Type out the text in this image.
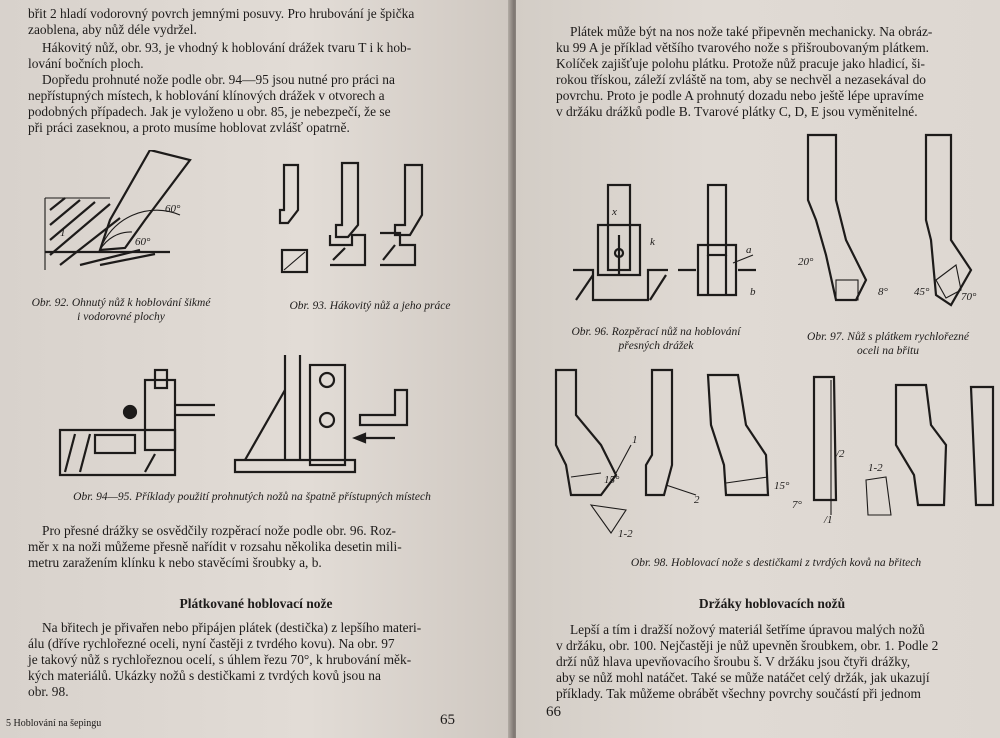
břit 2 hladí vodorovný povrch jemnými posuvy. Pro hrubování je špička
zaoblena, aby nůž déle vydržel.
Hákovitý nůž, obr. 93, je vhodný k hoblování drážek tvaru T i k hob-
lování bočních ploch.
Dopředu prohnuté nože podle obr. 94—95 jsou nutné pro práci na
nepřístupných místech, k hoblování klínových drážek v otvorech a
podobných případech. Jak je vyloženo u obr. 85, je nebezpečí, že se
při práci zaseknou, a proto musíme hoblovat zvlášť opatrně.
60°
60°
1
Obr. 92. Ohnutý nůž k hoblování šikmé
i vodorovné plochy
Obr. 93. Hákovitý nůž a jeho práce
Obr. 94—95. Příklady použití prohnutých nožů na špatně přístupných místech
Pro přesné drážky se osvědčily rozpěrací nože podle obr. 96. Roz-
měr x na noži můžeme přesně nařídit v rozsahu několika desetin mili-
metru zaražením klínku k nebo stavěcími šroubky a, b.
Plátkované hoblovací nože
Na břitech je přivařen nebo připájen plátek (destička) z lepšího materi-
álu (dříve rychlořezné oceli, nyní častěji z tvrdého kovu). Na obr. 97
je takový nůž s rychlořeznou ocelí, s úhlem řezu 70°, k hrubování měk-
kých materiálů. Ukázky nožů s destičkami z tvrdých kovů jsou na
obr. 98.
5 Hoblování na šepingu	65
Plátek může být na nos nože také připevněn mechanicky. Na obráz-
ku 99 A je příklad většího tvarového nože s přišroubovaným plátkem.
Kolíček zajišťuje polohu plátku. Protože nůž pracuje jako hladicí, ši-
rokou třískou, záleží zvláště na tom, aby se nechvěl a nezasekával do
povrchu. Proto je podle A prohnutý dozadu nebo ještě lépe upravíme
v držáku drážků podle B. Tvarové plátky C, D, E jsou vyměnitelné.
x
k
a
b
20°
8° 45°	70°
Obr. 96. Rozpěrací nůž na hoblování
přesných drážek
Obr. 97. Nůž s plátkem rychlořezné
oceli na břitu
1
15°
1-2
2
15°
/2
/1
7°
1-2
Obr. 98. Hoblovací nože s destičkami z tvrdých kovů na břitech
Držáky hoblovacích nožů
Lepší a tím i dražší nožový materiál šetříme úpravou malých nožů
v držáku, obr. 100. Nejčastěji je nůž upevněn šroubkem, obr. 1. Podle 2
drží nůž hlava upevňovacího šroubu š. V držáku jsou čtyři drážky,
aby se nůž mohl natáčet. Také se může natáčet celý držák, jak ukazují
příklady. Tak můžeme obrábět všechny povrchy součástí při jednom
66
